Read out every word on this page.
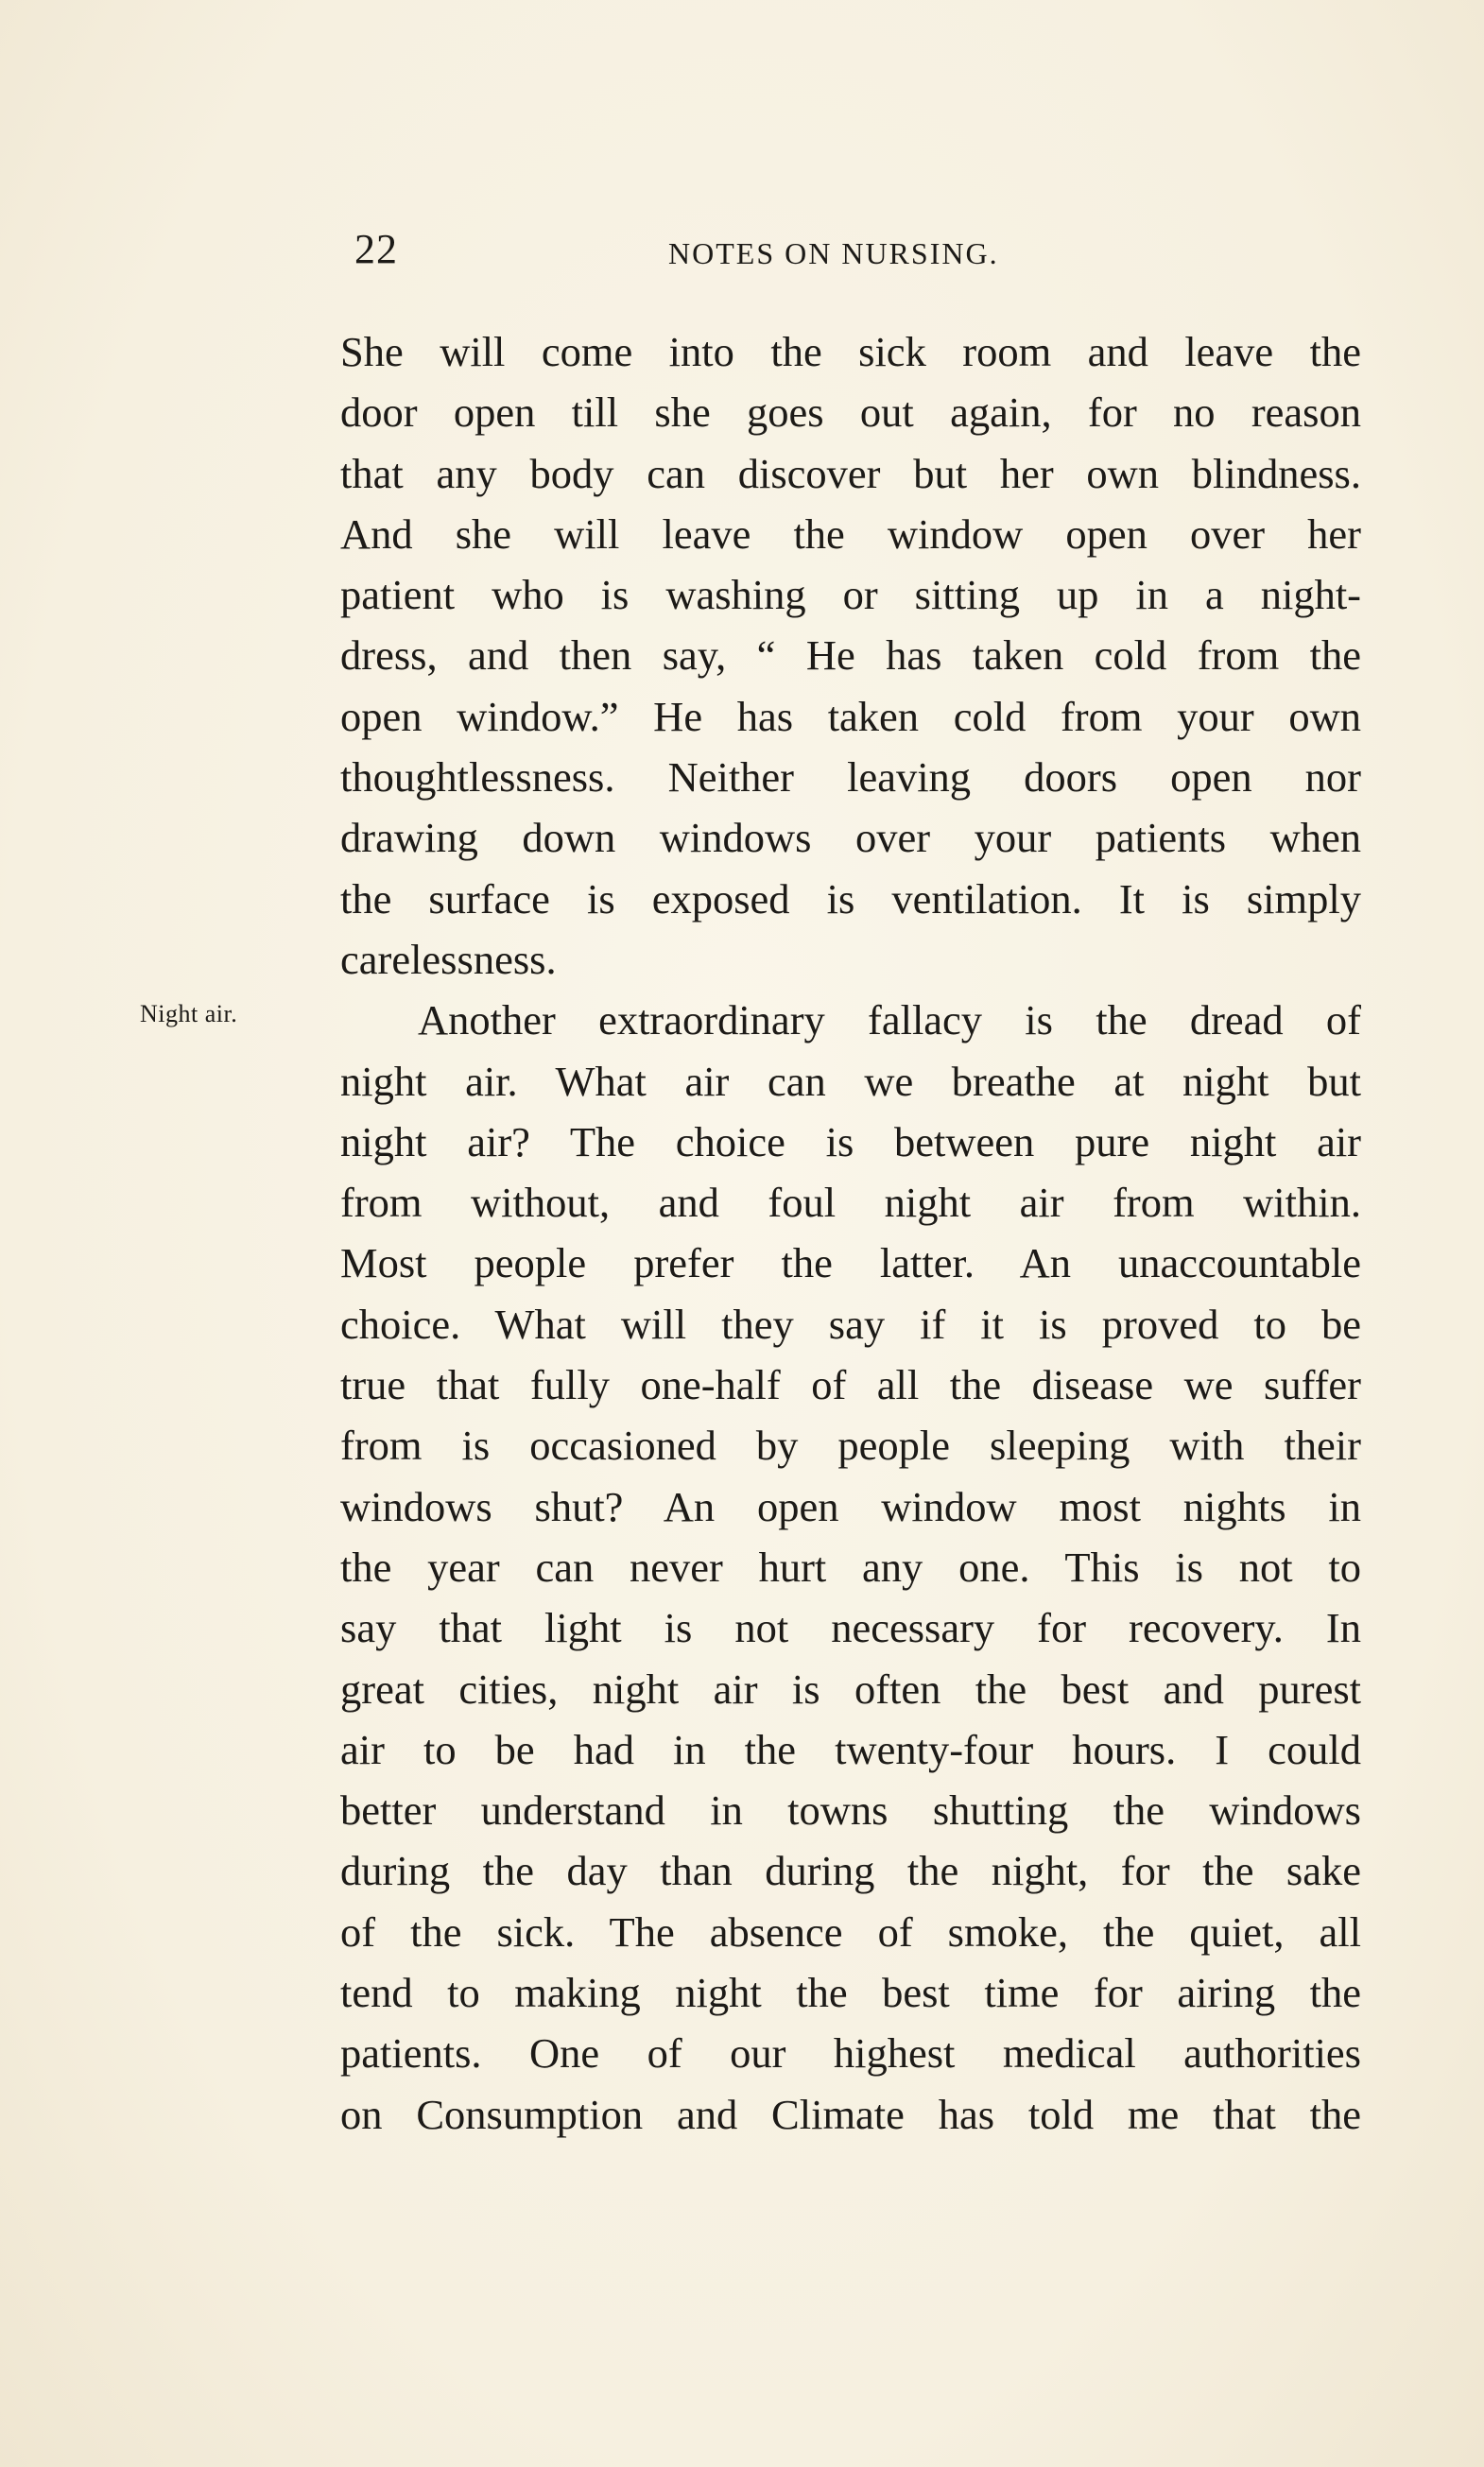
22	NOTES ON NURSING.
Night air.
She will come into the sick room and leave the
door open till she goes out again, for no reason
that any body can discover but her own blindness.
And she will leave the window open over her
patient who is washing or sitting up in a night-
dress, and then say, “ He has taken cold from the
open window.” He has taken cold from your own
thoughtlessness. Neither leaving doors open nor
drawing down windows over your patients when
the surface is exposed is ventilation. It is simply
carelessness.
Another extraordinary fallacy is the dread of
night air. What air can we breathe at night but
night air? The choice is between pure night air
from without, and foul night air from within.
Most people prefer the latter. An unaccountable
choice. What will they say if it is proved to be
true that fully one-half of all the disease we suffer
from is occasioned by people sleeping with their
windows shut? An open window most nights in
the year can never hurt any one. This is not to
say that light is not necessary for recovery. In
great cities, night air is often the best and purest
air to be had in the twenty-four hours. I could
better understand in towns shutting the windows
during the day than during the night, for the sake
of the sick. The absence of smoke, the quiet, all
tend to making night the best time for airing the
patients. One of our highest medical authorities
on Consumption and Climate has told me that the
